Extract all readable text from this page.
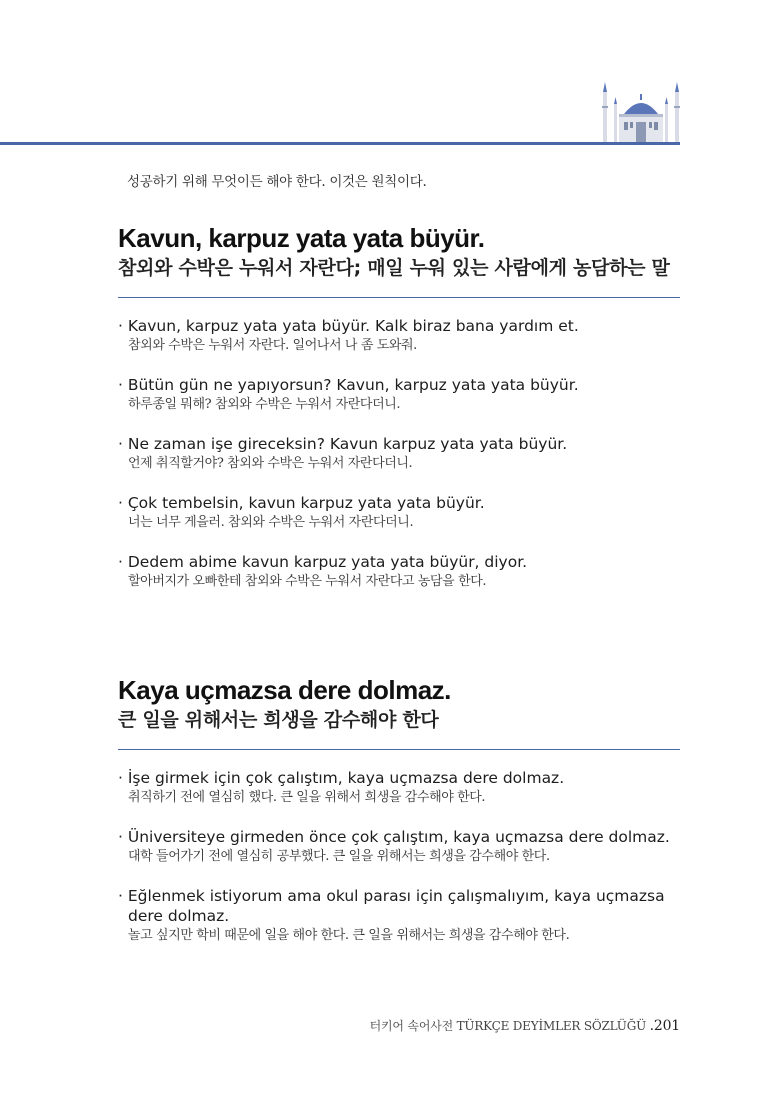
성공하기 위해 무엇이든 해야 한다. 이것은 원칙이다.
Kavun, karpuz yata yata büyür.

참외와 수박은 누워서 자란다; 매일 누워 있는 사람에게 농담하는 말

· Kavun, karpuz yata yata büyür. Kalk biraz bana yardım et.
참외와 수박은 누워서 자란다. 일어나서 나 좀 도와줘.
· Bütün gün ne yapıyorsun? Kavun, karpuz yata yata büyür.
하루종일 뭐해? 참외와 수박은 누워서 자란다더니.
· Ne zaman işe gireceksin? Kavun karpuz yata yata büyür.
언제 취직할거야? 참외와 수박은 누워서 자란다더니.
· Çok tembelsin, kavun karpuz yata yata büyür.
너는 너무 게을러. 참외와 수박은 누워서 자란다더니.
· Dedem abime kavun karpuz yata yata büyür, diyor.
할아버지가 오빠한테 참외와 수박은 누워서 자란다고 농담을 한다.
Kaya uçmazsa dere dolmaz.

큰 일을 위해서는 희생을 감수해야 한다

· İşe girmek için çok çalıştım, kaya uçmazsa dere dolmaz.
취직하기 전에 열심히 했다. 큰 일을 위해서 희생을 감수해야 한다.
· Üniversiteye girmeden önce çok çalıştım, kaya uçmazsa dere dolmaz.
대학 들어가기 전에 열심히 공부했다. 큰 일을 위해서는 희생을 감수해야 한다.
· Eğlenmek istiyorum ama okul parası için çalışmalıyım, kaya uçmazsa dere dolmaz.
놀고 싶지만 학비 때문에 일을 해야 한다. 큰 일을 위해서는 희생을 감수해야 한다.
터키어 속어사전 TÜRKÇE DEYİMLER SÖZLÜĞÜ .201
